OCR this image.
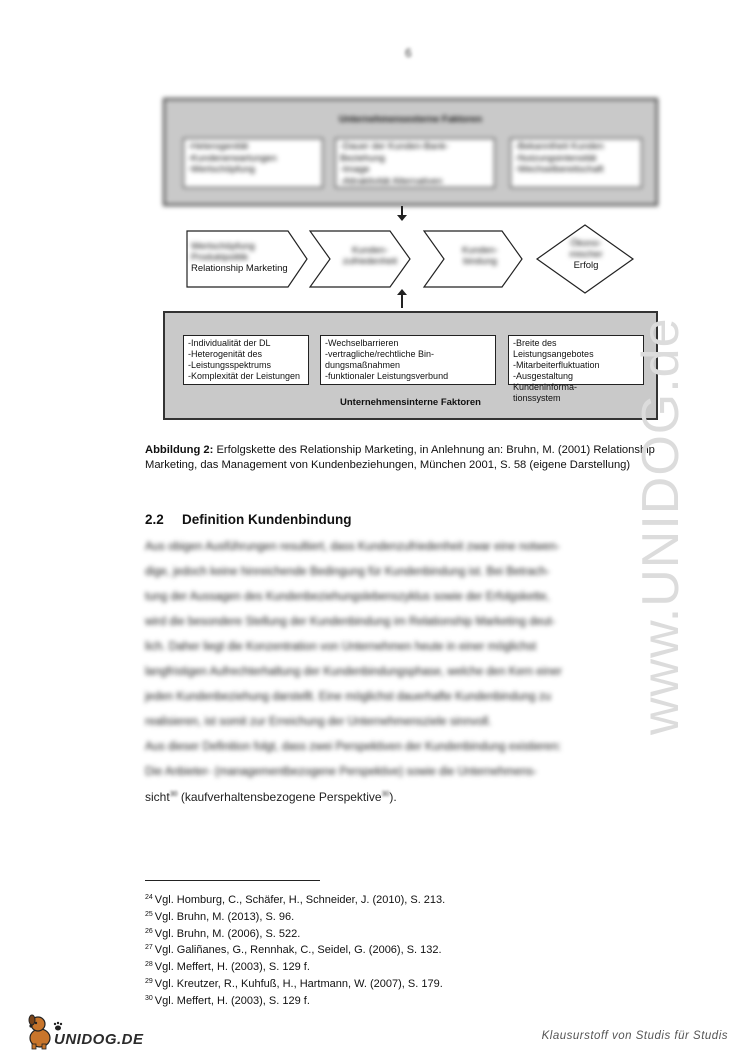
6
Unternehmensexterne Faktoren
-Heterogenität
-Kundenerwartungen
-Wertschöpfung
-Dauer der Kunden-Bank-Beziehung
-Image
-Attraktivität Alternativen
-Bekanntheit Kunden
-Nutzungsintensität
-Wechselbereitschaft
Wertschöpfung
Produktpolitik
Relationship Marketing
Kunden-
zufriedenheit
Kunden-
bindung
Ökono-
mischer
Erfolg
-Individualität der DL
-Heterogenität des
-Leistungsspektrums
-Komplexität der Leistungen
-Wechselbarrieren
-vertragliche/rechtliche Bin-
dungsmaßnahmen
-funktionaler Leistungsverbund
-Breite des Leistungsangebotes
-Mitarbeiterfluktuation
-Ausgestaltung Kundeninforma-
tionssystem
Unternehmensinterne Faktoren
Abbildung 2: Erfolgskette des Relationship Marketing, in Anlehnung an: Bruhn, M. (2001) Relationship Marketing, das Management von Kundenbeziehungen, München 2001, S. 58 (eigene Darstellung)
2.2 Definition Kundenbindung
Aus obigen Ausführungen resultiert, dass Kundenzufriedenheit zwar eine notwen-
dige, jedoch keine hinreichende Bedingung für Kundenbindung ist. Bei Betrach-
tung der Aussagen des Kundenbeziehungslebenszyklus sowie der Erfolgskette,
wird die besondere Stellung der Kundenbindung im Relationship Marketing deut-
lich. Daher liegt die Konzentration von Unternehmen heute in einer möglichst
langfristigen Aufrechterhaltung der Kundenbindungsphase, welche den Kern einer
jeden Kundenbeziehung darstellt. Eine möglichst dauerhafte Kundenbindung zu
realisieren, ist somit zur Erreichung der Unternehmensziele sinnvoll.
Aus dieser Definition folgt, dass zwei Perspektiven der Kundenbindung existieren:
Die Anbieter- (managementbezogene Perspektive) sowie die Unternehmens-
sicht$^{30}$ (kaufverhaltensbezogene Perspektive$^{30}$).
$^{24}$ Vgl. Homburg, C., Schäfer, H., Schneider, J. (2010), S. 213.
$^{25}$ Vgl. Bruhn, M. (2013), S. 96.
$^{26}$ Vgl. Bruhn, M. (2006), S. 522.
$^{27}$ Vgl. Galiñanes, G., Rennhak, C., Seidel, G. (2006), S. 132.
$^{28}$ Vgl. Meffert, H. (2003), S. 129 f.
$^{29}$ Vgl. Kreutzer, R., Kuhfuß, H., Hartmann, W. (2007), S. 179.
$^{30}$ Vgl. Meffert, H. (2003), S. 129 f.
www.UNIDOG.de
UNIDOG.DE	Klausurstoff von Studis für Studis
